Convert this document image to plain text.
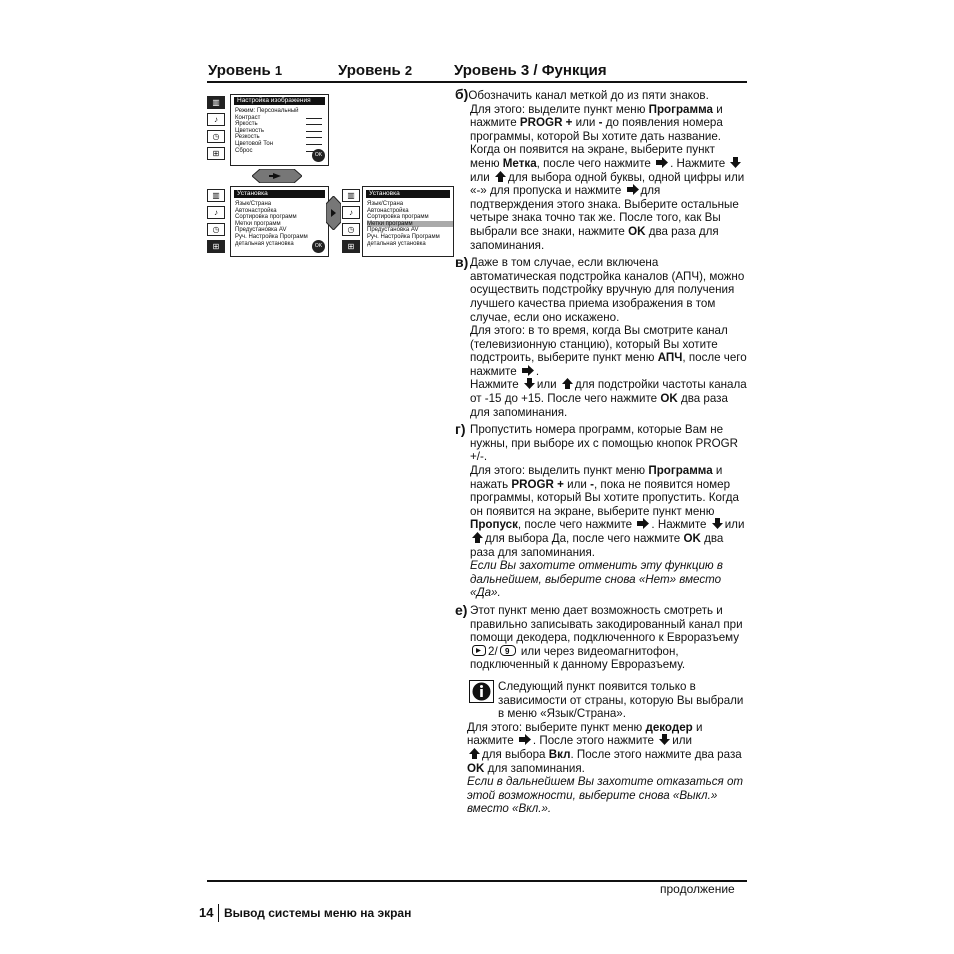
Уровень 1	Уровень 2	Уровень 3 / Функция
▥
♪
◷
⊞
Настройка изображения
Режим: Персональный
Контраст
Яркость
Цветность
Резкость
Цветовой Тон
Сброс
OK
▥
♪
◷
⊞
Установка
Язык/Страна
Автонастройка
Сортировка программ
Метки программ
Предустановка AV
Руч. Настройка Программ
детальная установка	OK
▥
♪
◷
⊞
Установка
Язык/Страна
Автонастройка
Сортировка программ
Метки программ
Предустановка AV
Руч. Настройка Программ
детальная установка

б)Обозначить канал меткой до из пяти знаков.

Для этого: выделите пункт меню Программа и нажмите PROGR + или - до появления номера программы, которой Вы хотите дать название. Когда он появится на экране, выберите пункт меню Метка, после чего нажмите . Нажмите или для выбора одной буквы, одной цифры или «-» для пропуска и нажмите для подтверждения этого знака. Выберите остальные четыре знака точно так же. После того, как Вы выбрали все знаки, нажмите OK два раза для запоминания.

в) Даже в том случае, если включена автоматическая подстройка каналов (АПЧ), можно осуществить подстройку вручную для получения лучшего качества приема изображения в том случае, если оно искажено.

Для этого: в то время, когда Вы смотрите канал (телевизионную станцию), который Вы хотите подстроить, выберите пункт меню АПЧ, после чего нажмите .
Нажмите или для подстройки частоты канала от -15 до +15. После чего нажмите OK два раза для запоминания.

г) Пропустить номера программ, которые Вам не нужны, при выборе их с помощью кнопок PROGR +/-.

Для этого: выделить пункт меню Программа и нажать PROGR + или -, пока не появится номер программы, который Вы хотите пропустить. Когда он появится на экране, выберите пункт меню Пропуск, после чего нажмите . Нажмите или для выбора Да, после чего нажмите OK два раза для запоминания.

Если Вы захотите отменить эту функцию в дальнейшем, выберите снова «Нет» вместо «Да».

е) Этот пункт меню дает возможность смотреть и правильно записывать закодированный канал при помощи декодера, подключенного к Евроразъему
2/ 9 или через видеомагнитофон, подключенный к данному Евроразъему.

Следующий пункт появится только в зависимости от страны, которую Вы выбрали в меню «Язык/Страна».

Для этого: выберите пункт меню декодер и нажмите . После этого нажмите или
для выбора Вкл. После этого нажмите два раза OK для запоминания.

Если в дальнейшем Вы захотите отказаться от этой возможности, выберите снова «Выкл.» вместо «Вкл.».

продолжение
14 Вывод системы меню на экран
